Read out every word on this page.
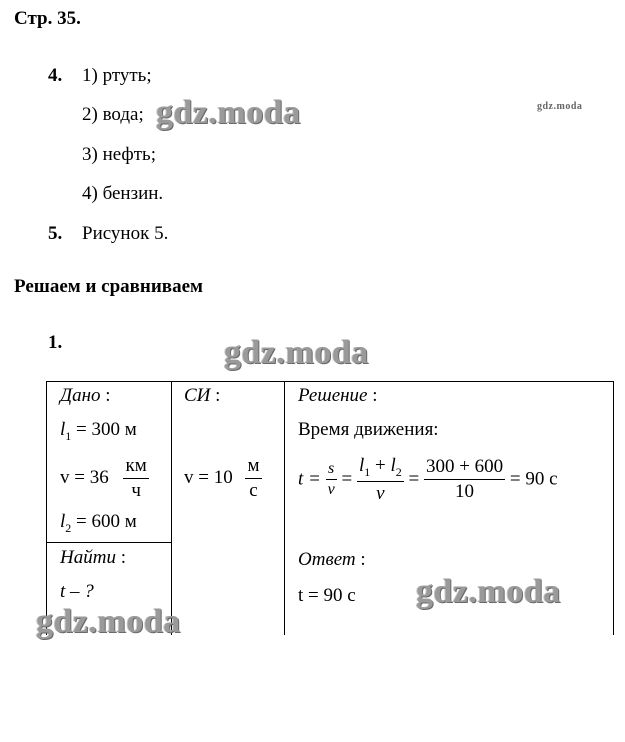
Стр. 35.
4. 1) ртуть;
2) вода;
3) нефть;
4) бензин.
5. Рисунок 5.
Решаем и сравниваем
1.
Дано :
$l_1 = 300$ м
$v = 36 \frac{км}{ч}$
$l_2 = 600$ м
Найти :
t – ?
СИ :
$v = 10 \frac{м}{с}$
Решение :
Время движения:
$t = \frac{s}{v} = \frac{l_1 + l_2}{v} = \frac{300 + 600}{10} = 90$ с
Ответ :
t = 90 с
gdz.moda	gdz.moda
gdz.moda
gdz.moda
gdz.moda
